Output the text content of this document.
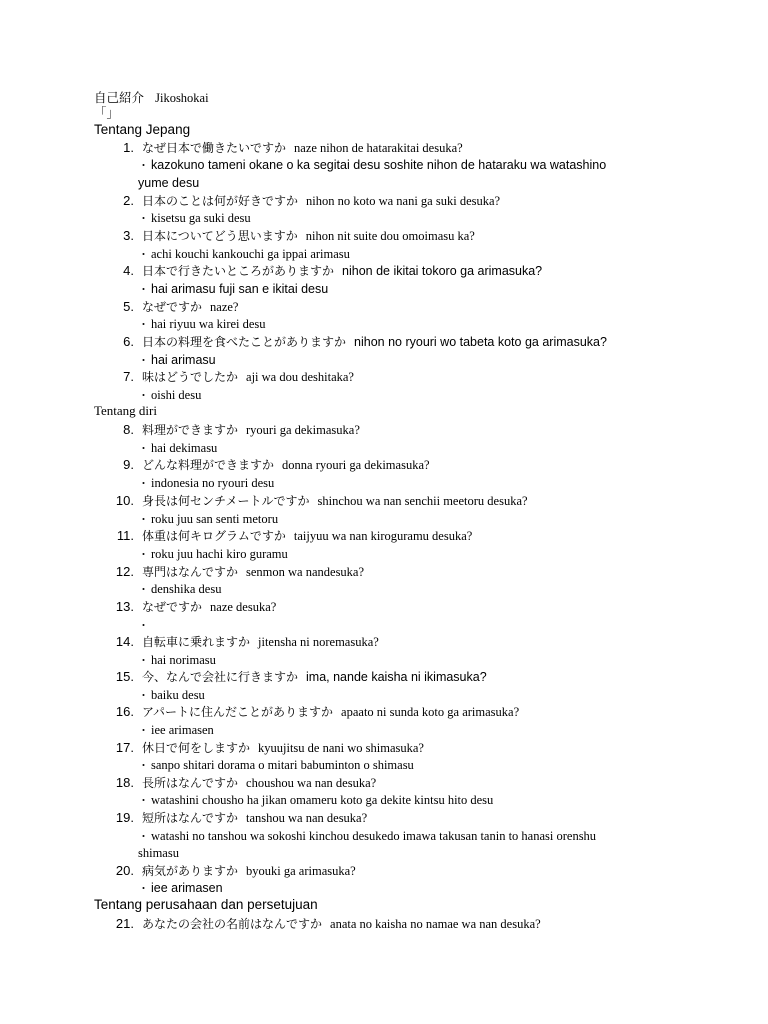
自己紹介 Jikoshokai
「」
Tentang Jepang
1. なぜ日本で働きたいですか naze nihon de hatarakitai desuka?
・ kazokuno tameni okane o ka segitai desu soshite nihon de hataraku wa watashino
yume desu
2. 日本のことは何が好きですか nihon no koto wa nani ga suki desuka?
・ kisetsu ga suki desu
3. 日本についてどう思いますか nihon nit suite dou omoimasu ka?
・ achi kouchi kankouchi ga ippai arimasu
4. 日本で行きたいところがありますか nihon de ikitai tokoro ga arimasuka?
・ hai arimasu fuji san e ikitai desu
5. なぜですか naze?
・ hai riyuu wa kirei desu
6. 日本の料理を食べたことがありますか nihon no ryouri wo tabeta koto ga arimasuka?
・ hai arimasu
7. 味はどうでしたか aji wa dou deshitaka?
・ oishi desu
Tentang diri
8. 料理ができますか ryouri ga dekimasuka?
・ hai dekimasu
9. どんな料理ができますか donna ryouri ga dekimasuka?
・ indonesia no ryouri desu
10. 身長は何センチメートルですか shinchou wa nan senchii meetoru desuka?
・ roku juu san senti metoru
11. 体重は何キログラムですか taijyuu wa nan kiroguramu desuka?
・ roku juu hachi kiro guramu
12. 専門はなんですか senmon wa nandesuka?
・ denshika desu
13. なぜですか naze desuka?
・
14. 自転車に乗れますか jitensha ni noremasuka?
・ hai norimasu
15. 今、なんで会社に行きますか ima, nande kaisha ni ikimasuka?
・ baiku desu
16. アパートに住んだことがありますか apaato ni sunda koto ga arimasuka?
・ iee arimasen
17. 休日で何をしますか kyuujitsu de nani wo shimasuka?
・ sanpo shitari dorama o mitari babuminton o shimasu
18. 長所はなんですか choushou wa nan desuka?
・ watashini chousho ha jikan omameru koto ga dekite kintsu hito desu
19. 短所はなんですか tanshou wa nan desuka?
・ watashi no tanshou wa sokoshi kinchou desukedo imawa takusan tanin to hanasi orenshu
shimasu
20. 病気がありますか byouki ga arimasuka?
・ iee arimasen
Tentang perusahaan dan persetujuan
21. あなたの会社の名前はなんですか anata no kaisha no namae wa nan desuka?
